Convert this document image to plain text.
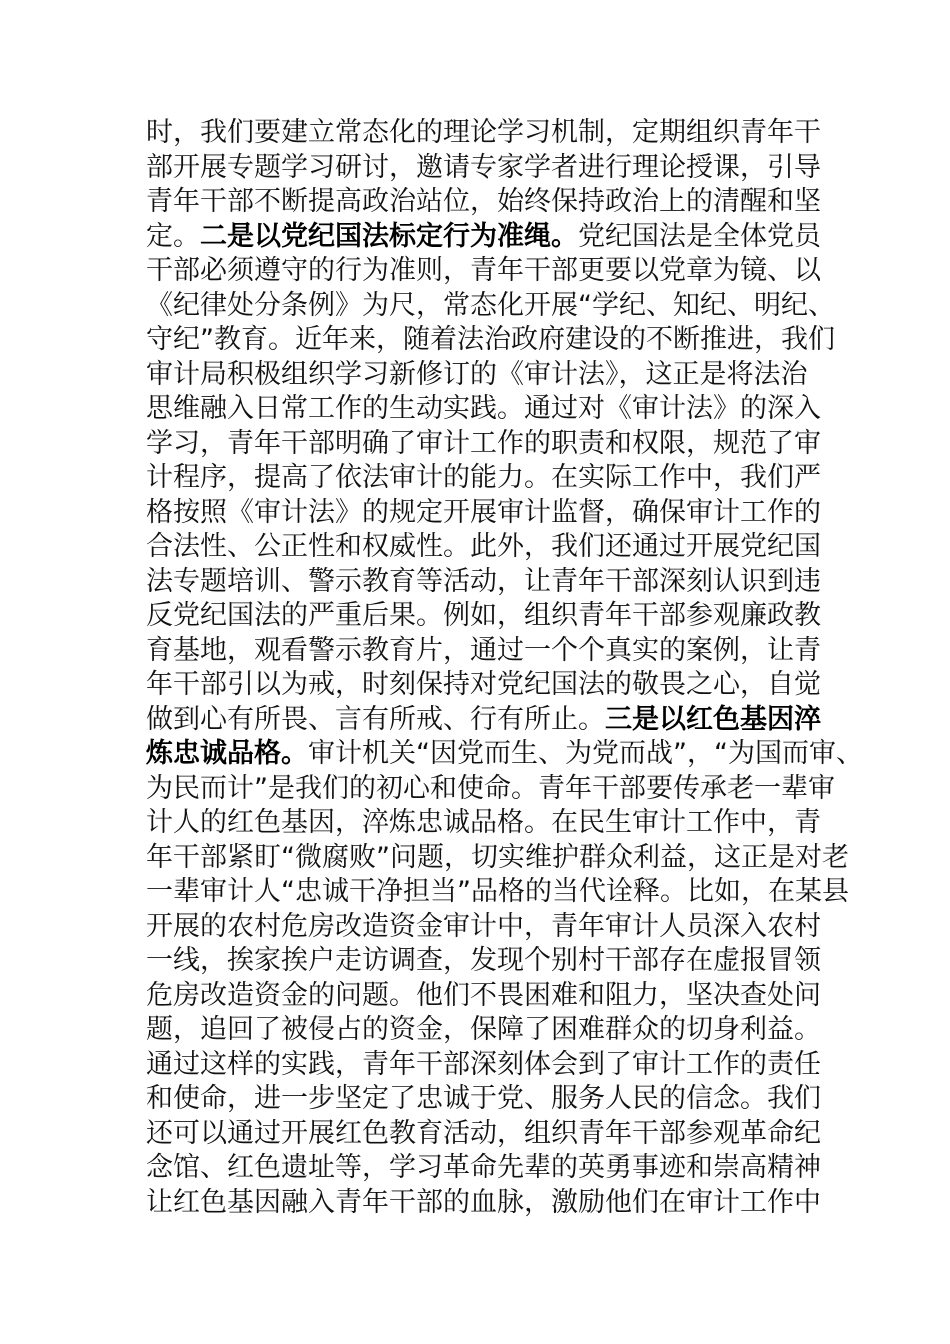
时，我们要建立常态化的理论学习机制，定期组织青年干
部开展专题学习研讨，邀请专家学者进行理论授课，引导
青年干部不断提高政治站位，始终保持政治上的清醒和坚
定。二是以党纪国法标定行为准绳。党纪国法是全体党员
干部必须遵守的行为准则，青年干部更要以党章为镜、以
《纪律处分条例》为尺，常态化开展“学纪、知纪、明纪、
守纪”教育。近年来，随着法治政府建设的不断推进，我们
审计局积极组织学习新修订的《审计法》，这正是将法治
思维融入日常工作的生动实践。通过对《审计法》的深入
学习，青年干部明确了审计工作的职责和权限，规范了审
计程序，提高了依法审计的能力。在实际工作中，我们严
格按照《审计法》的规定开展审计监督，确保审计工作的
合法性、公正性和权威性。此外，我们还通过开展党纪国
法专题培训、警示教育等活动，让青年干部深刻认识到违
反党纪国法的严重后果。例如，组织青年干部参观廉政教
育基地，观看警示教育片，通过一个个真实的案例，让青
年干部引以为戒，时刻保持对党纪国法的敬畏之心，自觉
做到心有所畏、言有所戒、行有所止。三是以红色基因淬
炼忠诚品格。审计机关“因党而生、为党而战”，“为国而审、
为民而计”是我们的初心和使命。青年干部要传承老一辈审
计人的红色基因，淬炼忠诚品格。在民生审计工作中，青
年干部紧盯“微腐败”问题，切实维护群众利益，这正是对老
一辈审计人“忠诚干净担当”品格的当代诠释。比如，在某县
开展的农村危房改造资金审计中，青年审计人员深入农村
一线，挨家挨户走访调查，发现个别村干部存在虚报冒领
危房改造资金的问题。他们不畏困难和阻力，坚决查处问
题，追回了被侵占的资金，保障了困难群众的切身利益。
通过这样的实践，青年干部深刻体会到了审计工作的责任
和使命，进一步坚定了忠诚于党、服务人民的信念。我们
还可以通过开展红色教育活动，组织青年干部参观革命纪
念馆、红色遗址等，学习革命先辈的英勇事迹和崇高精神
让红色基因融入青年干部的血脉，激励他们在审计工作中
